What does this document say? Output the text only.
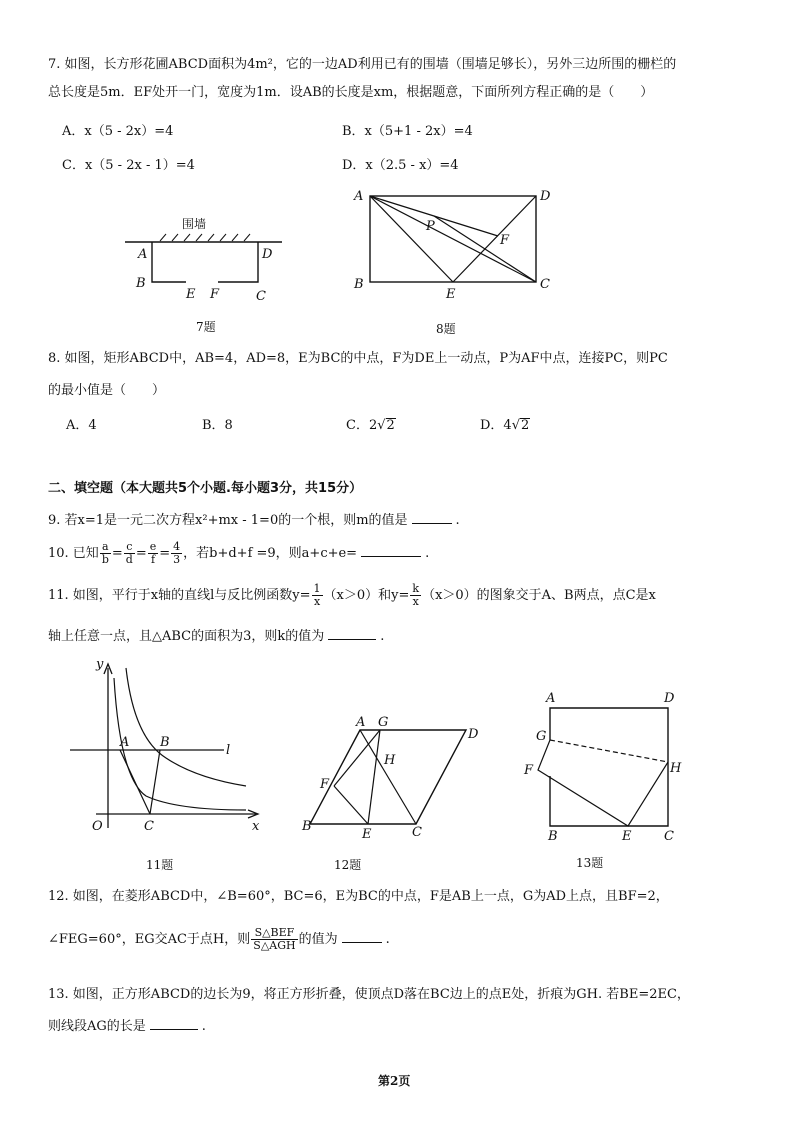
7. 如图，长方形花圃ABCD面积为4m²，它的一边AD利用已有的围墙（围墙足够长），另外三边所围的栅栏的
总长度是5m．EF处开一门，宽度为1m．设AB的长度是xm，根据题意，下面所列方程正确的是（　　）
A．x（5 - 2x）=4	B．x（5+1 - 2x）=4
C．x（5 - 2x - 1）=4	D．x（2.5 - x）=4
围墙
A	D
B
E F	C
7题
A	D
P
F
B
E
C
8题
8. 如图，矩形ABCD中，AB=4，AD=8，E为BC的中点，F为DE上一动点，P为AF中点，连接PC，则PC
的最小值是（　　）
A．4	B．8	C．2√2	D．4√2
二、填空题（本大题共5个小题.每小题3分，共15分）
9. 若x=1是一元二次方程x²+mx - 1=0的一个根，则m的值是	.
10. 已知 $\frac{a}{b} = \frac{c}{d} = \frac{e}{f} = \frac{4}{3}$ ，若b+d+f =9，则a+c+e=	.
11. 如图，平行于x轴的直线l与反比例函数$y= \frac{1}{x} (x>0)$和$y= \frac{k}{x} (x>0)$的图象交于A、B两点，点C是x
轴上任意一点，且△ABC的面积为3，则k的值为	.
y
A B
l
O	C	x
11题
A G
D
H
F
B
E	C
12题
A	D
G
F	H
B	E	C
13题
12. 如图，在菱形ABCD中，∠B=60°，BC=6，E为BC的中点，F是AB上一点，G为AD上点，且BF=2，
∠FEG=60°，EG交AC于点H，则 $\frac{\text{S△BEF}}{\text{S△AGH}}$ 的值为	.
13. 如图，正方形ABCD的边长为9，将正方形折叠，使顶点D落在BC边上的点E处，折痕为GH. 若BE=2EC，
则线段AG的长是	.
第2页
